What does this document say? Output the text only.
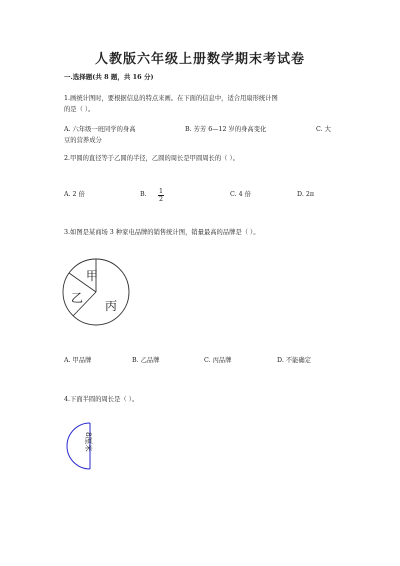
人教版六年级上册数学期末考试卷
一.选择题(共 8 题，共 16 分)
1.画统计图时，要根据信息的特点来画。在下面的信息中，适合用扇形统计图
的是（ ）。
A. 六年级一班同学的身高	B. 芳芳 6—12 岁的身高变化	C. 大
豆的营养成分
2.甲圆的直径等于乙圆的半径，乙圆的周长是甲圆周长的（ ）。
A. 2 倍	B. $\frac{1}{2}$	C. 4 倍	D. 2π
3.如图是某商场 3 种家电品牌的销售统计图，销量最高的品牌是（ ）。
甲
乙
丙
A. 甲品牌	B. 乙品牌	C. 丙品牌	D. 不能确定
4.下面半圆的周长是（ ）。
8厘米
